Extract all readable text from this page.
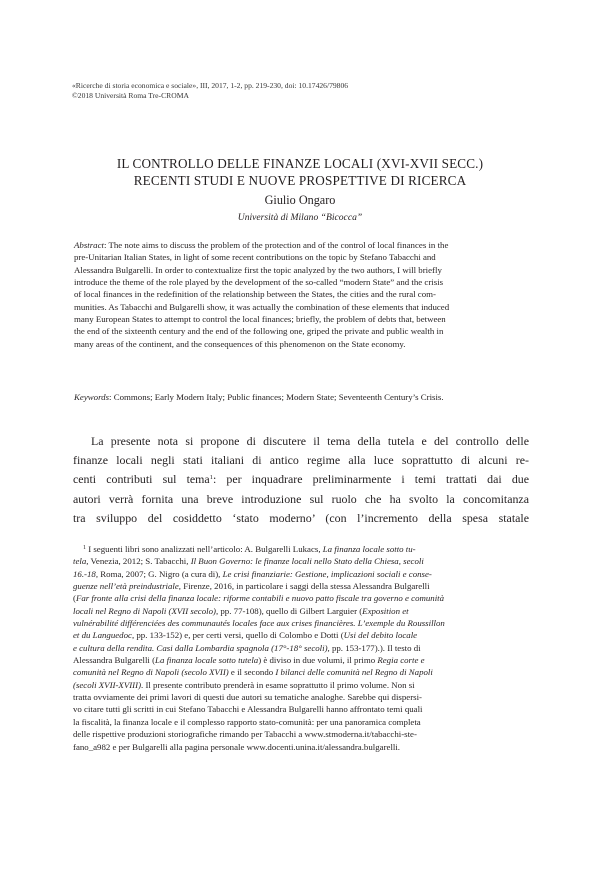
«Ricerche di storia economica e sociale», III, 2017, 1-2, pp. 219-230, doi: 10.17426/79806
©2018 Università Roma Tre-CROMA
IL CONTROLLO DELLE FINANZE LOCALI (XVI-XVII SECC.)
RECENTI STUDI E NUOVE PROSPETTIVE DI RICERCA
Giulio Ongaro
Università di Milano “Bicocca”
Abstract: The note aims to discuss the problem of the protection and of the control of local finances in the
pre-Unitarian Italian States, in light of some recent contributions on the topic by Stefano Tabacchi and
Alessandra Bulgarelli. In order to contextualize first the topic analyzed by the two authors, I will briefly
introduce the theme of the role played by the development of the so-called “modern State” and the crisis
of local finances in the redefinition of the relationship between the States, the cities and the rural com-
munities. As Tabacchi and Bulgarelli show, it was actually the combination of these elements that induced
many European States to attempt to control the local finances; briefly, the problem of debts that, between
the end of the sixteenth century and the end of the following one, griped the private and public wealth in
many areas of the continent, and the consequences of this phenomenon on the State economy.
Keywords: Commons; Early Modern Italy; Public finances; Modern State; Seventeenth Century’s Crisis.
La presente nota si propone di discutere il tema della tutela e del controllo delle
finanze locali negli stati italiani di antico regime alla luce soprattutto di alcuni re-
centi contributi sul tema$^1$: per inquadrare preliminarmente i temi trattati dai due
autori verrà fornita una breve introduzione sul ruolo che ha svolto la concomitanza
tra sviluppo del cosiddetto ‘stato moderno’ (con l’incremento della spesa statale
$^1$ I seguenti libri sono analizzati nell’articolo: A. Bulgarelli Lukacs, La finanza locale sotto tu-
tela, Venezia, 2012; S. Tabacchi, Il Buon Governo: le finanze locali nello Stato della Chiesa, secoli
16.-18, Roma, 2007; G. Nigro (a cura di), Le crisi finanziarie: Gestione, implicazioni sociali e conse-
guenze nell’età preindustriale, Firenze, 2016, in particolare i saggi della stessa Alessandra Bulgarelli
(Far fronte alla crisi della finanza locale: riforme contabili e nuovo patto fiscale tra governo e comunità
locali nel Regno di Napoli (XVII secolo), pp. 77-108), quello di Gilbert Larguier (Exposition et
vulnérabilité différenciées des communautés locales face aux crises financières. L’exemple du Roussillon
et du Languedoc, pp. 133-152) e, per certi versi, quello di Colombo e Dotti (Usi del debito locale
e cultura della rendita. Casi dalla Lombardia spagnola (17°-18° secoli), pp. 153-177).). Il testo di
Alessandra Bulgarelli (La finanza locale sotto tutela) è diviso in due volumi, il primo Regia corte e
comunità nel Regno di Napoli (secolo XVII) e il secondo I bilanci delle comunità nel Regno di Napoli
(secoli XVII-XVIII). Il presente contributo prenderà in esame soprattutto il primo volume. Non si
tratta ovviamente dei primi lavori di questi due autori su tematiche analoghe. Sarebbe qui dispersi-
vo citare tutti gli scritti in cui Stefano Tabacchi e Alessandra Bulgarelli hanno affrontato temi quali
la fiscalità, la finanza locale e il complesso rapporto stato-comunità: per una panoramica completa
delle rispettive produzioni storiografiche rimando per Tabacchi a www.stmoderna.it/tabacchi-ste-
fano_a982 e per Bulgarelli alla pagina personale www.docenti.unina.it/alessandra.bulgarelli.
